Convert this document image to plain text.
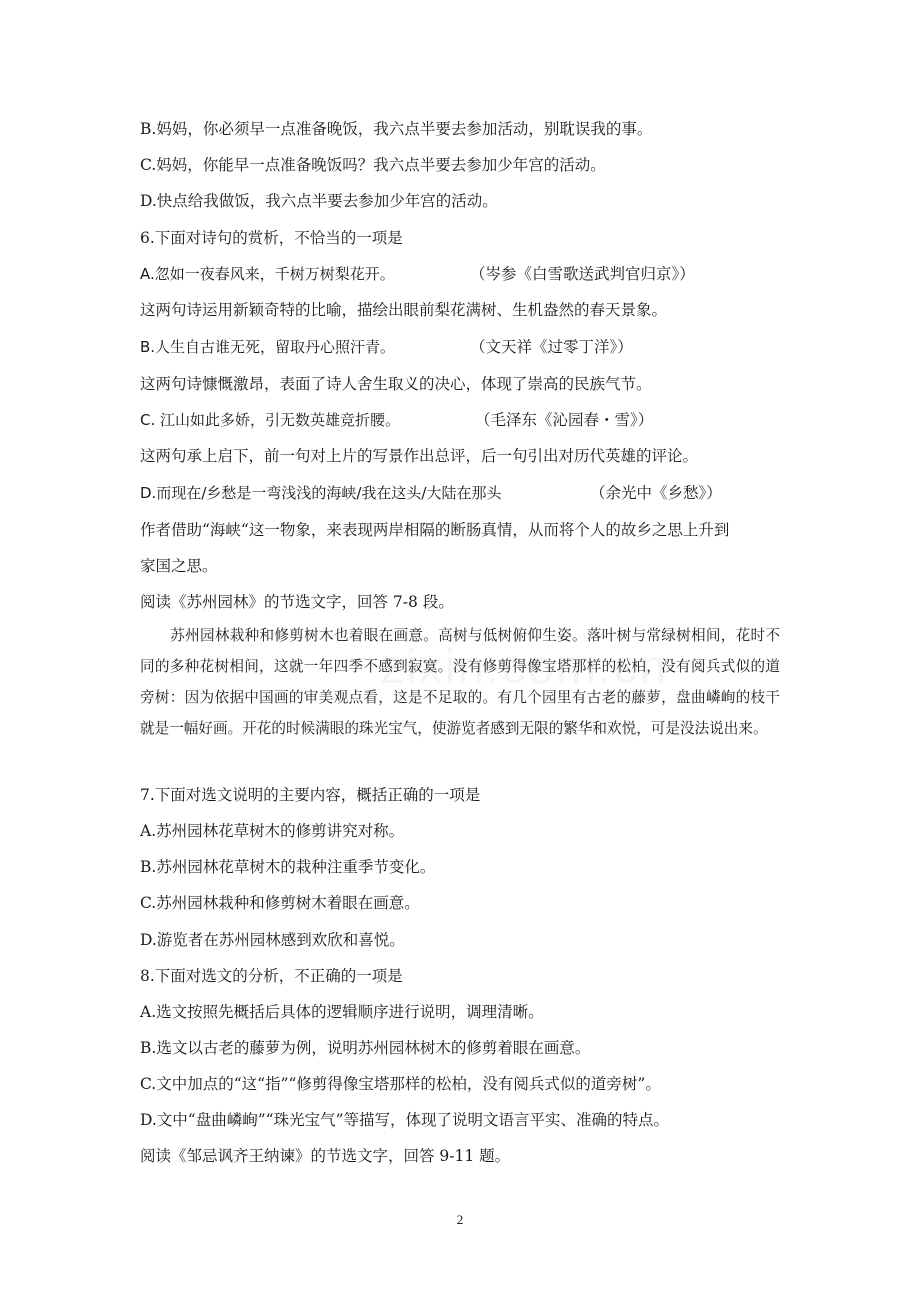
B.妈妈，你必须早一点准备晚饭，我六点半要去参加活动，别耽误我的事。
C.妈妈，你能早一点准备晚饭吗？我六点半要去参加少年宫的活动。
D.快点给我做饭，我六点半要去参加少年宫的活动。
6.下面对诗句的赏析，不恰当的一项是
A.忽如一夜春风来，千树万树梨花开。	（岑参《白雪歌送武判官归京》）
这两句诗运用新颖奇特的比喻，描绘出眼前梨花满树、生机盎然的春天景象。
B.人生自古谁无死，留取丹心照汗青。	（文天祥《过零丁洋》）
这两句诗慷慨激昂，表面了诗人舍生取义的决心，体现了崇高的民族气节。
C. 江山如此多娇，引无数英雄竞折腰。	（毛泽东《沁园春・雪》）
这两句承上启下，前一句对上片的写景作出总评，后一句引出对历代英雄的评论。
D.而现在/乡愁是一弯浅浅的海峡/我在这头/大陆在那头	（余光中《乡愁》）
作者借助“海峡“这一物象，来表现两岸相隔的断肠真情，从而将个人的故乡之思上升到
家国之思。
阅读《苏州园林》的节选文字，回答 7-8 段。
苏州园林栽种和修剪树木也着眼在画意。高树与低树俯仰生姿。落叶树与常绿树相间，花时不同的多种花树相间，这就一年四季不感到寂寞。没有修剪得像宝塔那样的松柏，没有阅兵式似的道旁树：因为依据中国画的审美观点看，这是不足取的。有几个园里有古老的藤萝，盘曲嶙峋的枝干就是一幅好画。开花的时候满眼的珠光宝气，使游览者感到无限的繁华和欢悦，可是没法说出来。
7.下面对选文说明的主要内容，概括正确的一项是
A.苏州园林花草树木的修剪讲究对称。
B.苏州园林花草树木的栽种注重季节变化。
C.苏州园林栽种和修剪树木着眼在画意。
D.游览者在苏州园林感到欢欣和喜悦。
8.下面对选文的分析，不正确的一项是
A.选文按照先概括后具体的逻辑顺序进行说明，调理清晰。
B.选文以古老的藤萝为例，说明苏州园林树木的修剪着眼在画意。
C.文中加点的“这“指”“修剪得像宝塔那样的松柏，没有阅兵式似的道旁树”。
D.文中“盘曲嶙峋”“珠光宝气”等描写，体现了说明文语言平实、准确的特点。
阅读《邹忌讽齐王纳谏》的节选文字，回答 9-11 题。
2
